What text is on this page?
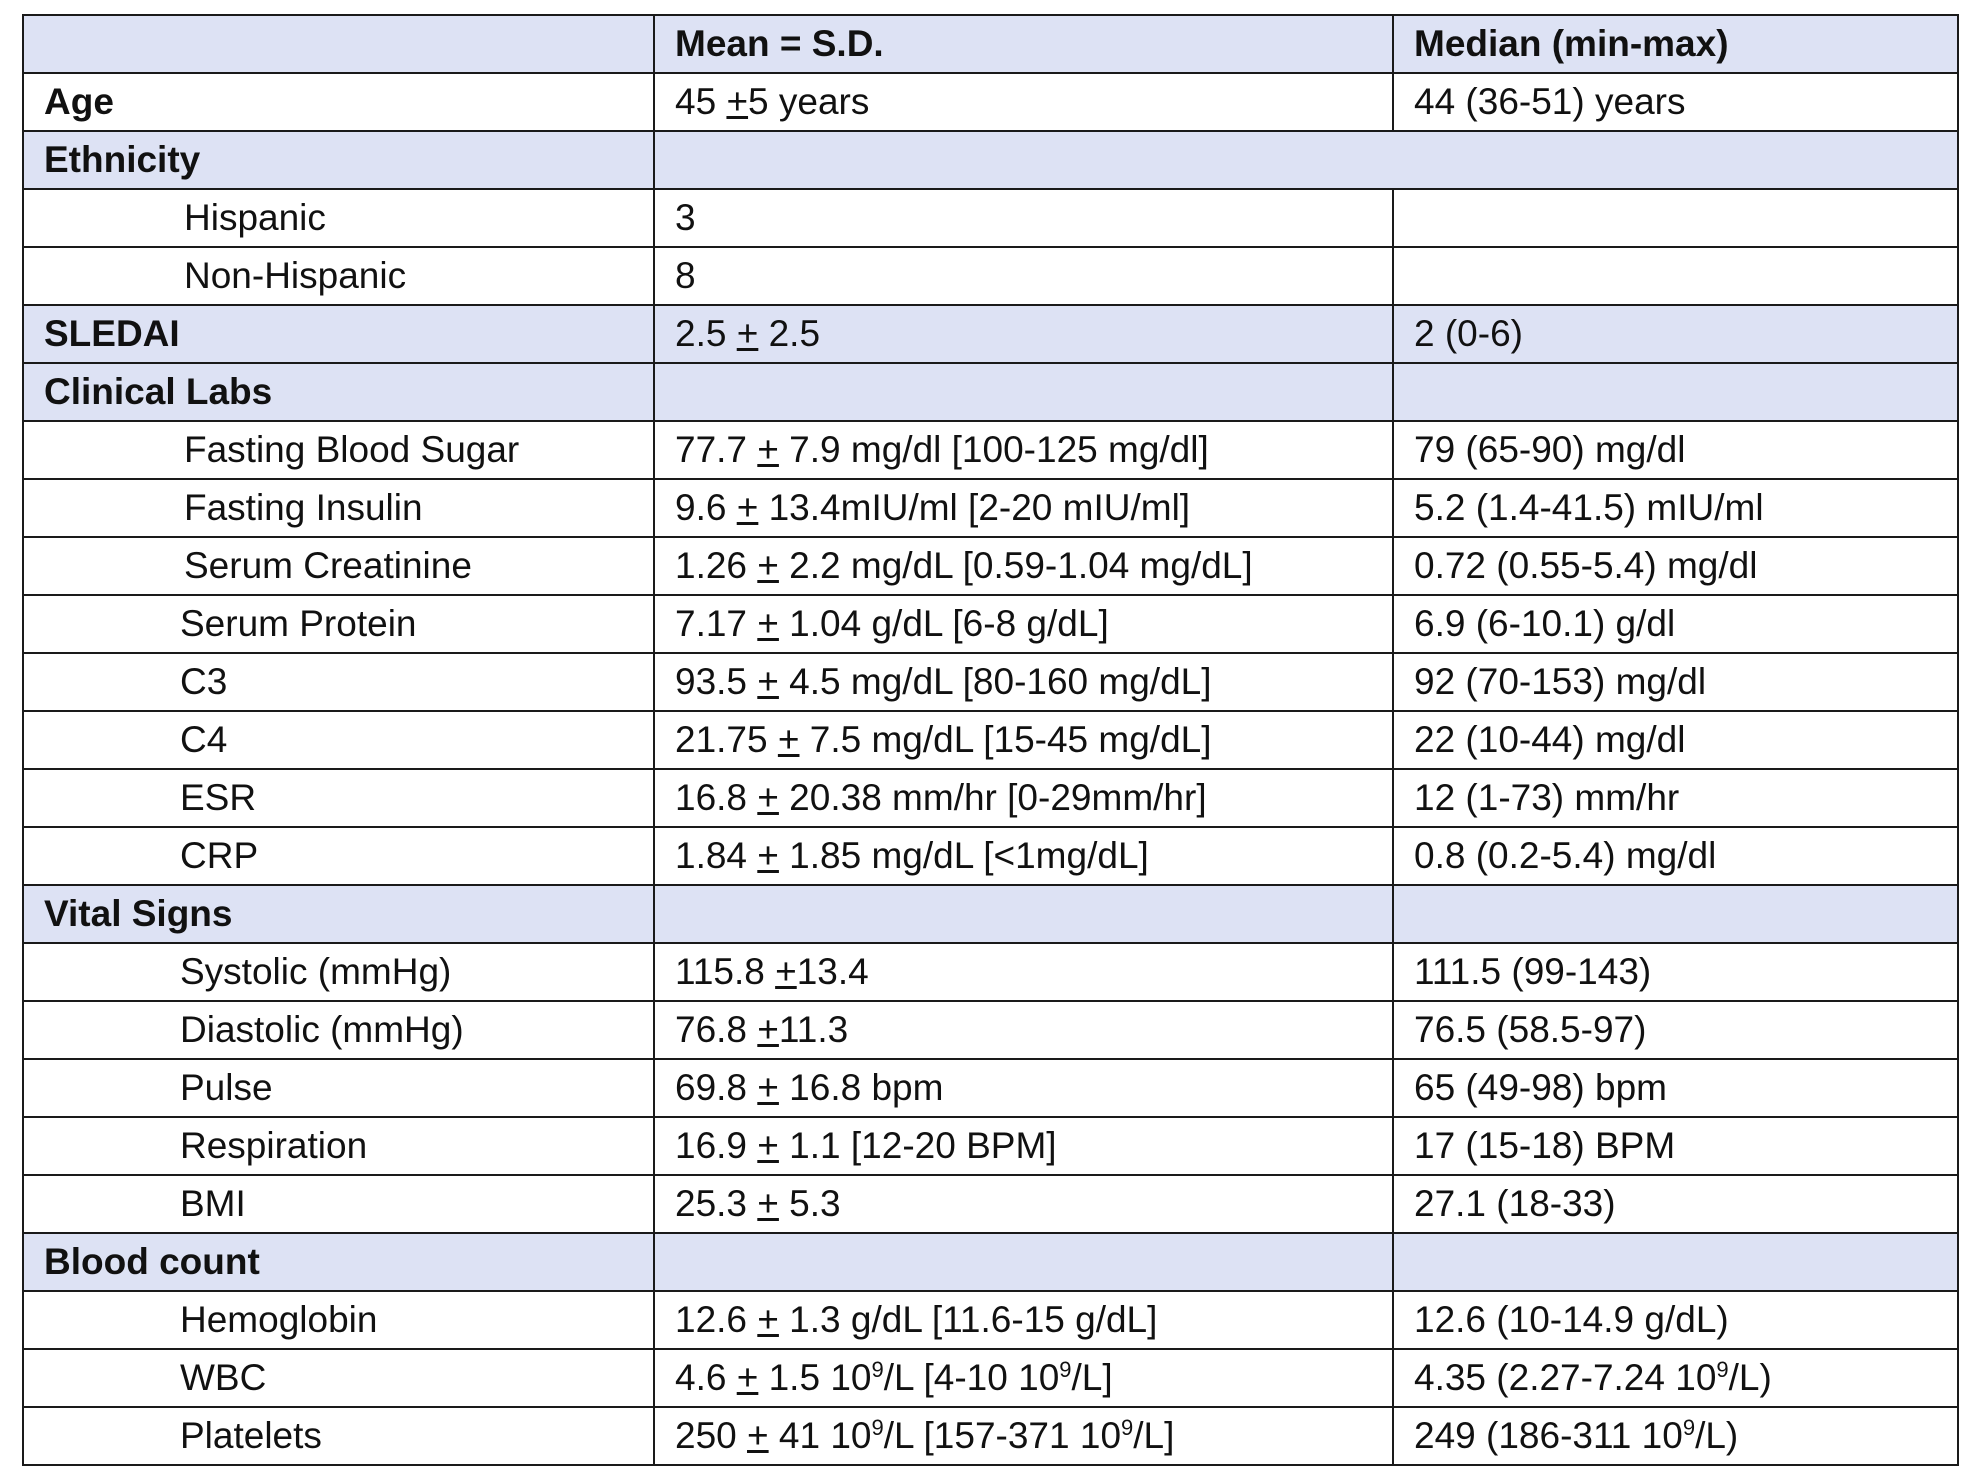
	Mean = S.D.	Median (min-max)
Age	45 +5 years	44 (36-51) years
Ethnicity		
Hispanic	3	
Non-Hispanic	8	
SLEDAI	2.5 + 2.5	2 (0-6)
Clinical Labs		
Fasting Blood Sugar	77.7 + 7.9 mg/dl [100-125 mg/dl]	79 (65-90) mg/dl
Fasting Insulin	9.6 + 13.4mIU/ml [2-20 mIU/ml]	5.2 (1.4-41.5) mIU/ml
Serum Creatinine	1.26 + 2.2 mg/dL [0.59-1.04 mg/dL]	0.72 (0.55-5.4) mg/dl
Serum Protein	7.17 + 1.04 g/dL [6-8 g/dL]	6.9 (6-10.1) g/dl
C3	93.5 + 4.5 mg/dL [80-160 mg/dL]	92 (70-153) mg/dl
C4	21.75 + 7.5 mg/dL [15-45 mg/dL]	22 (10-44) mg/dl
ESR	16.8 + 20.38 mm/hr [0-29mm/hr]	12 (1-73) mm/hr
CRP	1.84 + 1.85 mg/dL [<1mg/dL]	0.8 (0.2-5.4) mg/dl
Vital Signs		
Systolic (mmHg)	115.8 +13.4	111.5 (99-143)
Diastolic (mmHg)	76.8 +11.3	76.5 (58.5-97)
Pulse	69.8 + 16.8 bpm	65 (49-98) bpm
Respiration	16.9 + 1.1 [12-20 BPM]	17 (15-18) BPM
BMI	25.3 + 5.3	27.1 (18-33)
Blood count		
Hemoglobin	12.6 + 1.3 g/dL [11.6-15 g/dL]	12.6 (10-14.9 g/dL)
WBC	4.6 + 1.5 $10^9/L$ [4-10 $10^9/L$]	4.35 (2.27-7.24 $10^9/L$)
Platelets	250 + 41 $10^9/L$ [157-371 $10^9/L$]	249 (186-311 $10^9/L$)
